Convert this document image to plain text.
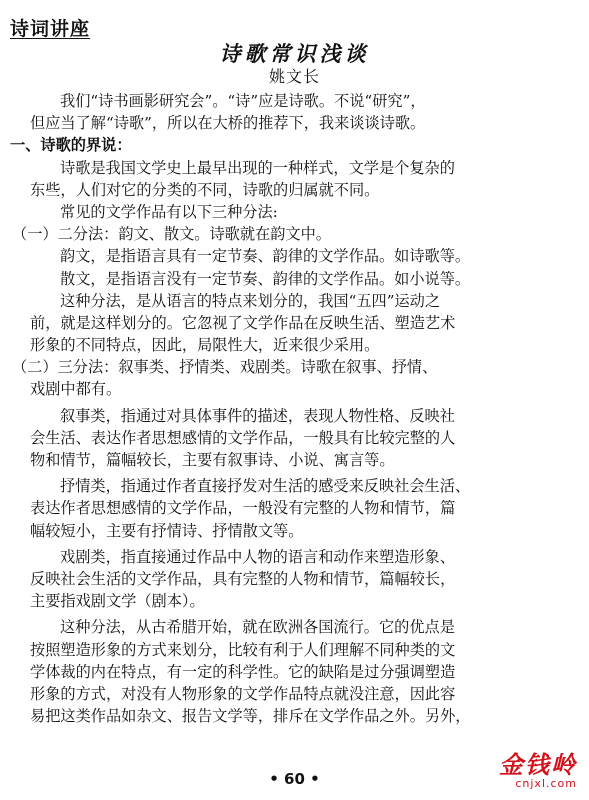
诗词讲座
诗歌常识浅谈
姚文长
我们“诗书画影研究会”。“诗”应是诗歌。不说“研究”，
但应当了解“诗歌”，所以在大桥的推荐下，我来谈谈诗歌。
一、诗歌的界说：
诗歌是我国文学史上最早出现的一种样式，文学是个复杂的
东些，人们对它的分类的不同，诗歌的归属就不同。
常见的文学作品有以下三种分法:
（一）二分法：韵文、散文。诗歌就在韵文中。
韵文，是指语言具有一定节奏、韵律的文学作品。如诗歌等。
散文，是指语言没有一定节奏、韵律的文学作品。如小说等。
这种分法，是从语言的特点来划分的，我国“五四”运动之
前，就是这样划分的。它忽视了文学作品在反映生活、塑造艺术
形象的不同特点，因此，局限性大，近来很少采用。
（二）三分法：叙事类、抒情类、戏剧类。诗歌在叙事、抒情、
戏剧中都有。
叙事类，指通过对具体事件的描述，表现人物性格、反映社
会生活、表达作者思想感情的文学作品，一般具有比较完整的人
物和情节，篇幅较长，主要有叙事诗、小说、寓言等。
抒情类，指通过作者直接抒发对生活的感受来反映社会生活、
表达作者思想感情的文学作品，一般没有完整的人物和情节，篇
幅较短小，主要有抒情诗、抒情散文等。
戏剧类，指直接通过作品中人物的语言和动作来塑造形象、
反映社会生活的文学作品，具有完整的人物和情节，篇幅较长，
主要指戏剧文学（剧本）。
这种分法，从古希腊开始，就在欧洲各国流行。它的优点是
按照塑造形象的方式来划分，比较有利于人们理解不同种类的文
学体裁的内在特点，有一定的科学性。它的缺陷是过分强调塑造
形象的方式，对没有人物形象的文学作品特点就没注意，因此容
易把这类作品如杂文、报告文学等，排斥在文学作品之外。另外，
• 60 •	金钱岭
cnjxl.com
